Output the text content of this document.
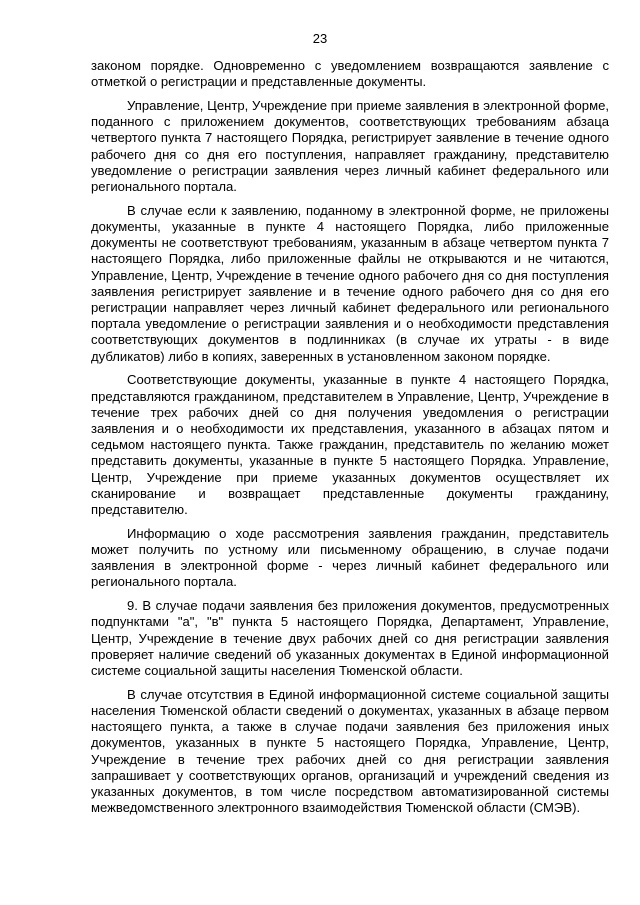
23

законом порядке. Одновременно с уведомлением возвращаются заявление с отметкой о регистрации и представленные документы.

Управление, Центр, Учреждение при приеме заявления в электронной форме, поданного с приложением документов, соответствующих требованиям абзаца четвертого пункта 7 настоящего Порядка, регистрирует заявление в течение одного рабочего дня со дня его поступления, направляет гражданину, представителю уведомление о регистрации заявления через личный кабинет федерального или регионального портала.

В случае если к заявлению, поданному в электронной форме, не приложены документы, указанные в пункте 4 настоящего Порядка, либо приложенные документы не соответствуют требованиям, указанным в абзаце четвертом пункта 7 настоящего Порядка, либо приложенные файлы не открываются и не читаются, Управление, Центр, Учреждение в течение одного рабочего дня со дня поступления заявления регистрирует заявление и в течение одного рабочего дня со дня его регистрации направляет через личный кабинет федерального или регионального портала уведомление о регистрации заявления и о необходимости представления соответствующих документов в подлинниках (в случае их утраты - в виде дубликатов) либо в копиях, заверенных в установленном законом порядке.

Соответствующие документы, указанные в пункте 4 настоящего Порядка, представляются гражданином, представителем в Управление, Центр, Учреждение в течение трех рабочих дней со дня получения уведомления о регистрации заявления и о необходимости их представления, указанного в абзацах пятом и седьмом настоящего пункта. Также гражданин, представитель по желанию может представить документы, указанные в пункте 5 настоящего Порядка. Управление, Центр, Учреждение при приеме указанных документов осуществляет их сканирование и возвращает представленные документы гражданину, представителю.

Информацию о ходе рассмотрения заявления гражданин, представитель может получить по устному или письменному обращению, в случае подачи заявления в электронной форме - через личный кабинет федерального или регионального портала.

9. В случае подачи заявления без приложения документов, предусмотренных подпунктами "а", "в" пункта 5 настоящего Порядка, Департамент, Управление, Центр, Учреждение в течение двух рабочих дней со дня регистрации заявления проверяет наличие сведений об указанных документах в Единой информационной системе социальной защиты населения Тюменской области.

В случае отсутствия в Единой информационной системе социальной защиты населения Тюменской области сведений о документах, указанных в абзаце первом настоящего пункта, а также в случае подачи заявления без приложения иных документов, указанных в пункте 5 настоящего Порядка, Управление, Центр, Учреждение в течение трех рабочих дней со дня регистрации заявления запрашивает у соответствующих органов, организаций и учреждений сведения из указанных документов, в том числе посредством автоматизированной системы межведомственного электронного взаимодействия Тюменской области (СМЭВ).
